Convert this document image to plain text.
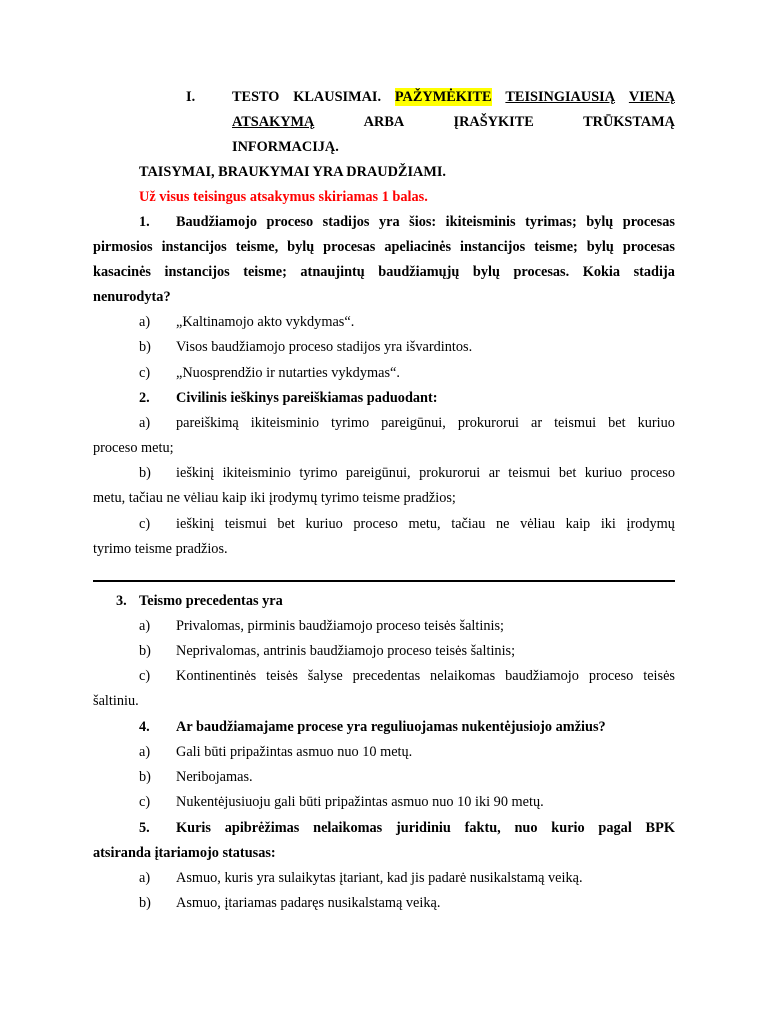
I.	TESTO KLAUSIMAI. PAŽYMĖKITE TEISINGIAUSIĄ VIENĄ
ATSAKYMĄ	ARBA	ĮRAŠYKITE	TRŪKSTAMĄ
INFORMACIJĄ.
TAISYMAI, BRAUKYMAI YRA DRAUDŽIAMI.
Už visus teisingus atsakymus skiriamas 1 balas.
1. Baudžiamojo proceso stadijos yra šios: ikiteisminis tyrimas; bylų procesas
pirmosios instancijos teisme, bylų procesas apeliacinės instancijos teisme; bylų procesas
kasacinės instancijos teisme; atnaujintų baudžiamųjų bylų procesas. Kokia stadija
nenurodyta?
a) „Kaltinamojo akto vykdymas“.
b) Visos baudžiamojo proceso stadijos yra išvardintos.
c) „Nuosprendžio ir nutarties vykdymas“.
2. Civilinis ieškinys pareiškiamas paduodant:
a) pareiškimą ikiteisminio tyrimo pareigūnui, prokurorui ar teismui bet kuriuo
proceso metu;
b) ieškinį ikiteisminio tyrimo pareigūnui, prokurorui ar teismui bet kuriuo proceso
metu, tačiau ne vėliau kaip iki įrodymų tyrimo teisme pradžios;
c) ieškinį teismui bet kuriuo proceso metu, tačiau ne vėliau kaip iki įrodymų
tyrimo teisme pradžios.
3. Teismo precedentas yra
a) Privalomas, pirminis baudžiamojo proceso teisės šaltinis;
b) Neprivalomas, antrinis baudžiamojo proceso teisės šaltinis;
c) Kontinentinės teisės šalyse precedentas nelaikomas baudžiamojo proceso teisės
šaltiniu.
4. Ar baudžiamajame procese yra reguliuojamas nukentėjusiojo amžius?
a) Gali būti pripažintas asmuo nuo 10 metų.
b) Neribojamas.
c) Nukentėjusiuoju gali būti pripažintas asmuo nuo 10 iki 90 metų.
5. Kuris apibrėžimas nelaikomas juridiniu faktu, nuo kurio pagal BPK
atsiranda įtariamojo statusas:
a) Asmuo, kuris yra sulaikytas įtariant, kad jis padarė nusikalstamą veiką.
b) Asmuo, įtariamas padaręs nusikalstamą veiką.
